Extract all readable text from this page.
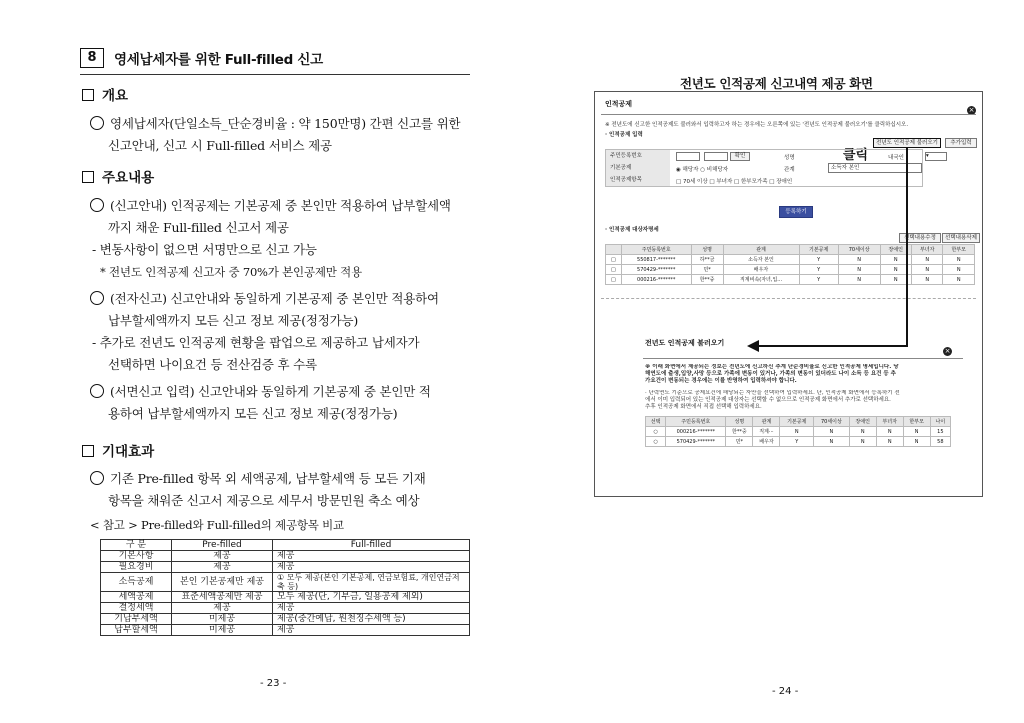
8	영세납세자를 위한 Full-filled 신고
개요
영세납세자(단일소득_단순경비율 : 약 150만명) 간편 신고를 위한
신고안내, 신고 시 Full-filled 서비스 제공
주요내용
(신고안내) 인적공제는 기본공제 중 본인만 적용하여 납부할세액
까지 채운 Full-filled 신고서 제공
- 변동사항이 없으면 서명만으로 신고 가능
* 전년도 인적공제 신고자 중 70%가 본인공제만 적용
(전자신고) 신고안내와 동일하게 기본공제 중 본인만 적용하여
납부할세액까지 모든 신고 정보 제공(정정가능)
- 추가로 전년도 인적공제 현황을 팝업으로 제공하고 납세자가
선택하면 나이요건 등 전산검증 후 수록
(서면신고 입력) 신고안내와 동일하게 기본공제 중 본인만 적
용하여 납부할세액까지 모든 신고 정보 제공(정정가능)
기대효과
기존 Pre-filled 항목 외 세액공제, 납부할세액 등 모든 기재
항목을 채워준 신고서 제공으로 세무서 방문민원 축소 예상
< 참고 > Pre-filled와 Full-filled의 제공항목 비교
구 분	Pre-filled	Full-filled
기본사항	제공	제공
필요경비	제공	제공
소득공제	본인 기본공제만 제공	① 모두 제공(본인 기본공제, 연금보험료, 개인연금저축 등)
세액공제	표준세액공제만 제공	모두 제공(단, 기부금, 일용공제 제외)
결정세액	제공	제공
기납부세액	미제공	제공(중간예납, 원천징수세액 등)
납부할세액	미제공	제공
- 23 -
전년도 인적공제 신고내역 제공 화면
인적공제
×
※ 전년도에 신고한 인적공제도 불러와서 입력하고자 하는 경우에는 오른쪽에 있는 '전년도 인적공제 불러오기'를 클릭하십시오.
· 인적공제 입력
전년도 인적공제 불러오기	추가입력
클릭
주민등록번호	확인	성명	내국인
기본공제	◉ 해당자 ○ 비해당자	관계	소득자 본인
인적공제항목	□ 70세 이상 □ 부녀자 □ 한부모가족 □ 장애인
▾
등록하기
· 인적공제 대상자명세
선택내용수정	선택내용삭제
	주민등록번호	성명	관계	기본공제	70세이상	장애인	부녀자	한부모
□	550817-*******	하**금	소득자 본인	Y	N	N	N	N
□	570429-*******	민*	배우자	Y	N	N	N	N
□	000216-*******	한**중	직계비속(자녀,입...	Y	N	N	N	N
전년도 인적공제 불러오기
×
※ 이래 화면에서 제공되는 정보는 전년도에 신고하신 추계 단순경비율로 신고한 인적공제 명세입니다. 당
해연도에 출생,입양,사망 등으로 가족에 변동이 있거나, 가족의 변동이 있더라도 나이 소득 등 요건 등 추
가요건이 변동되는 경우에는 이를 반영하여 입력하셔야 합니다.
· 단력연도 기준으로 공제요건에 해당되는 자만을 선택하여 입력하세요. 단, 인적공제 화면에서 등록하기 전
에서 이미 입력되어 있는 인적공제 대상자는 선택할 수 없으므로 인적공제 화면에서 추가로 선택하세요.
추후 인적공제 화면에서 직접 선택해 입력하세요.
선택	주민등록번호	성명	관계	기본공제	70세이상	장애인	부녀자	한부모	나이
○	000216-*******	한**중	직계···	N	N	N	N	N	15
○	570429-*******	민*	배우자	Y	N	N	N	N	58
- 24 -
